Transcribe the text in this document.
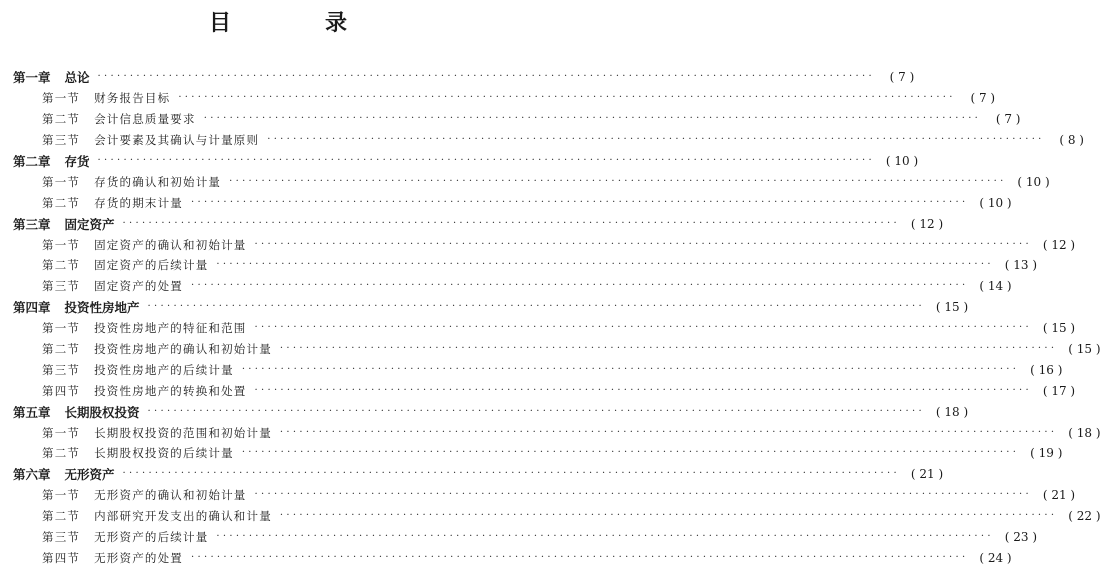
目　录
第一章 总论 ························································································································	( 7 )
第一节 财务报告目标 ························································································································	( 7 )
第二节 会计信息质量要求 ························································································································	( 7 )
第三节 会计要素及其确认与计量原则 ························································································································	( 8 )
第二章 存货 ························································································································ ( 10 )
第一节 存货的确认和初始计量 ························································································································ ( 10 )
第二节 存货的期末计量 ························································································································ ( 10 )
第三章 固定资产 ························································································································ ( 12 )
第一节 固定资产的确认和初始计量 ························································································································ ( 12 )
第二节 固定资产的后续计量 ························································································································ ( 13 )
第三节 固定资产的处置 ························································································································ ( 14 )
第四章 投资性房地产 ························································································································ ( 15 )
第一节 投资性房地产的特征和范围 ························································································································ ( 15 )
第二节 投资性房地产的确认和初始计量 ························································································································ ( 15 )
第三节 投资性房地产的后续计量 ························································································································ ( 16 )
第四节 投资性房地产的转换和处置 ························································································································ ( 17 )
第五章 长期股权投资 ························································································································ ( 18 )
第一节 长期股权投资的范围和初始计量 ························································································································ ( 18 )
第二节 长期股权投资的后续计量 ························································································································ ( 19 )
第六章 无形资产 ························································································································ ( 21 )
第一节 无形资产的确认和初始计量 ························································································································ ( 21 )
第二节 内部研究开发支出的确认和计量 ························································································································ ( 22 )
第三节 无形资产的后续计量 ························································································································ ( 23 )
第四节 无形资产的处置 ························································································································ ( 24 )
